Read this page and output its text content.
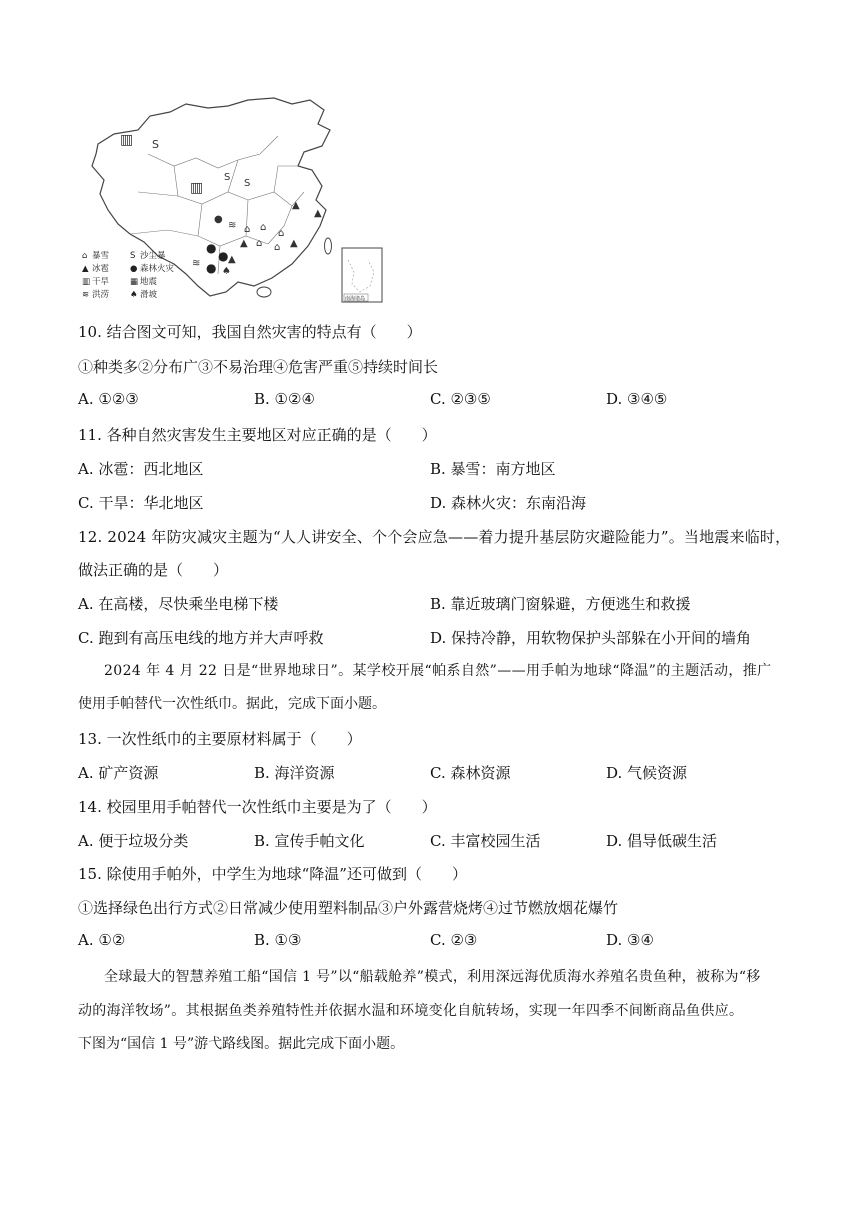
▥ S
▥
S
S
▲
▲
●
≋ ⌂ ⌂
⌂
▲ ⌂ ⌂ ▲
●
●
● ♠
≋	▲
⌂ 暴雪 S 沙尘暴
▲ 冰雹 ● 森林火灾
▥ 干旱 ▦ 地震
≋ 洪涝 ♠ 滑坡	南海诸岛
10. 结合图文可知，我国自然灾害的特点有（　　）
①种类多②分布广③不易治理④危害严重⑤持续时间长
A. ①②③	B. ①②④	C. ②③⑤	D. ③④⑤
11. 各种自然灾害发生主要地区对应正确的是（　　）
A. 冰雹：西北地区	B. 暴雪：南方地区
C. 干旱：华北地区	D. 森林火灾：东南沿海
12. 2024 年防灾减灾主题为“人人讲安全、个个会应急——着力提升基层防灾避险能力”。当地震来临时，
做法正确的是（　　）
A. 在高楼，尽快乘坐电梯下楼	B. 靠近玻璃门窗躲避，方便逃生和救援
C. 跑到有高压电线的地方并大声呼救	D. 保持冷静，用软物保护头部躲在小开间的墙角
2024 年 4 月 22 日是“世界地球日”。某学校开展“帕系自然”——用手帕为地球“降温”的主题活动，推广
使用手帕替代一次性纸巾。据此，完成下面小题。
13. 一次性纸巾的主要原材料属于（　　）
A. 矿产资源	B. 海洋资源	C. 森林资源	D. 气候资源
14. 校园里用手帕替代一次性纸巾主要是为了（　　）
A. 便于垃圾分类	B. 宣传手帕文化	C. 丰富校园生活	D. 倡导低碳生活
15. 除使用手帕外，中学生为地球“降温”还可做到（　　）
①选择绿色出行方式②日常减少使用塑料制品③户外露营烧烤④过节燃放烟花爆竹
A. ①②	B. ①③	C. ②③	D. ③④
全球最大的智慧养殖工船“国信 1 号”以“船载舱养”模式，利用深远海优质海水养殖名贵鱼种，被称为“移
动的海洋牧场”。其根据鱼类养殖特性并依据水温和环境变化自航转场，实现一年四季不间断商品鱼供应。
下图为“国信 1 号”游弋路线图。据此完成下面小题。
